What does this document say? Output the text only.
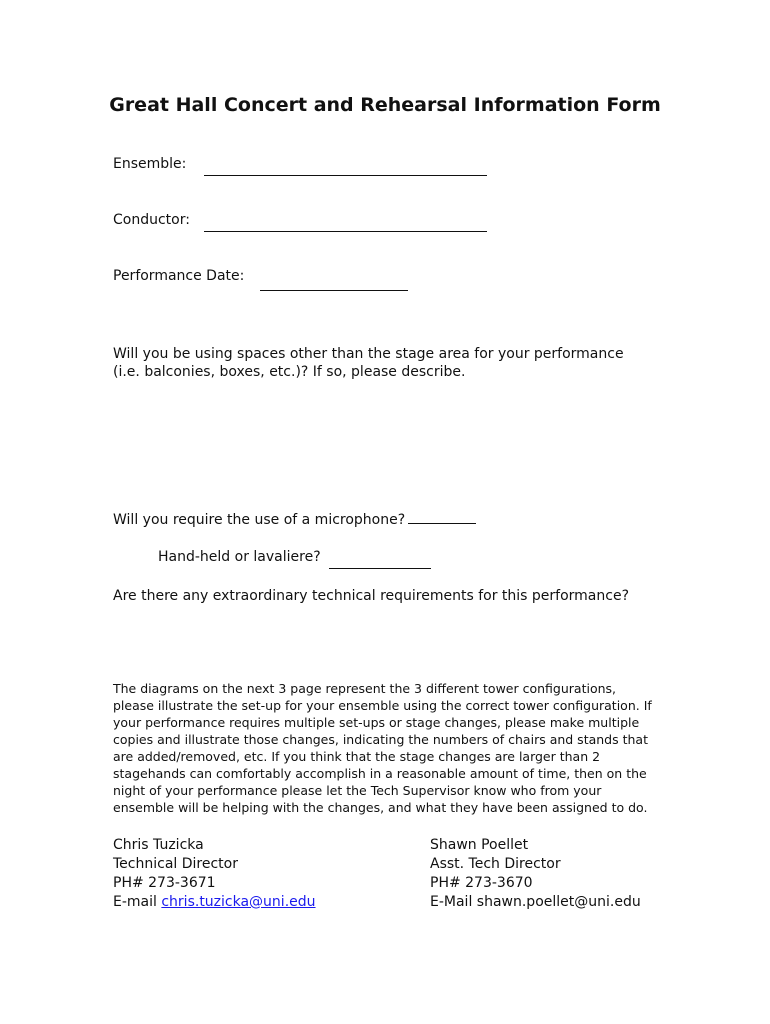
Great Hall Concert and Rehearsal Information Form
Ensemble:
Conductor:
Performance Date:

Will you be using spaces other than the stage area for your performance (i.e. balconies, boxes, etc.)? If so, please describe.

Will you require the use of a microphone?
Hand-held or lavaliere?
Are there any extraordinary technical requirements for this performance?

The diagrams on the next 3 page represent the 3 different tower configurations, please illustrate the set-up for your ensemble using the correct tower configuration. If your performance requires multiple set-ups or stage changes, please make multiple copies and illustrate those changes, indicating the numbers of chairs and stands that are added/removed, etc. If you think that the stage changes are larger than 2 stagehands can comfortably accomplish in a reasonable amount of time, then on the night of your performance please let the Tech Supervisor know who from your ensemble will be helping with the changes, and what they have been assigned to do.

Chris Tuzicka
Technical Director
PH# 273-3671
E-mail chris.tuzicka@uni.edu
Shawn Poellet
Asst. Tech Director
PH# 273-3670
E-Mail shawn.poellet@uni.edu
